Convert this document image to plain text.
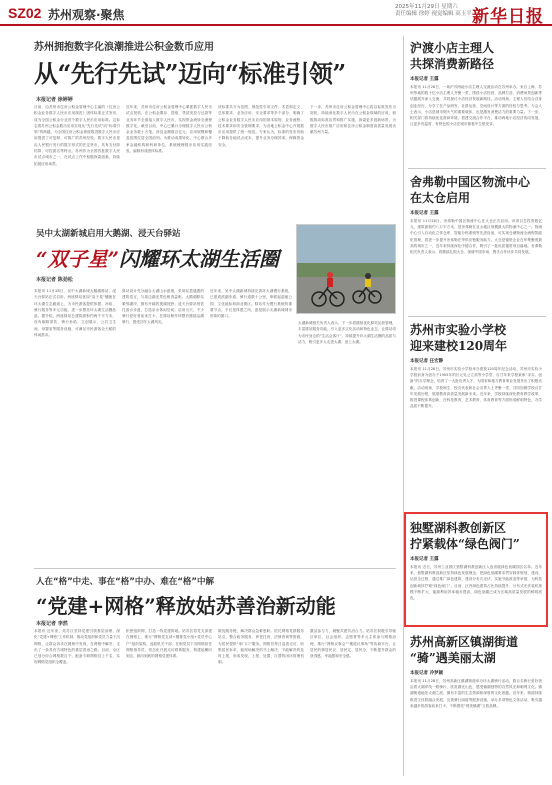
SZ02 苏州观察·聚焦
2025年11月29日 星期六
责任编辑 徐婷 视觉编辑 高玉平 新华日报
苏州拥抱数字化浪潮推进公积金数币应用
从“先行先试”迈向“标准引领”
本报记者 徐婷婷
日前，由苏州市住房公积金管理中心主编的《住房公积金业务数字人民币应用规范》团体标准正式发布，成为全国公积金行业首个数字人民币应用标准。这标志着苏州公积金数币应用实现从“先行先试”向“标准引领”的跨越，为全国住房公积金系统推进数字人民币应用提供了可复制、可推广的苏州经验。数字人民币是由人民银行发行的数字形式的法定货币，具有支付即结算、可控匿名等特点。苏州作为全国首批数字人民币试点城市之一，在试点工作中积极探索创新，持续拓展应用场景。
近年来，苏州市住房公积金管理中心紧抓数字人民币试点契机，在公积金缴存、提取、贷款发放与还款等业务环节全面接入数字人民币，实现资金流转全流程数字化。截至目前，中心已累计办理数字人民币公积金业务数十万笔，涉及金额数百亿元，应用规模和覆盖范围位居全国前列。为推动成果转化，中心联合多家金融机构和科研单位，系统梳理数币应用实践经验，编制形成团体标准。
该标准共分为范围、规范性引用文件、术语和定义、总体要求、业务应用、安全要求等多个部分，明确了公积金业务数字人民币应用的基本原则、业务流程、技术要求和安全管理要求，为各地公积金中心开展数币应用提供了统一规范。专家认为，标准的发布有助于降低各地试点成本，提升业务办理效率，保障资金安全。
下一步，苏州市住房公积金管理中心将以标准发布为契机，持续深化数字人民币在公积金领域的应用，积极推动标准宣贯和推广实施，探索更多创新场景，为数字人民币推广应用和住房公积金制度高质量发展贡献苏州力量。
吴中太湖新城启用大鹅湖、浸天台驿站
“双子星”闪耀环太湖生活圈
本报记者 陈劲松
本报讯 11月28日，吴中太湖新城大鹅湖驿站、浸天台驿站正式启用，两座驿站犹如“双子星”镶嵌在环太湖生态廊道上，为市民游客提供休憩、补给、骑行服务等多元功能，进一步擦亮环太湖生活圈品质。据介绍，两座驿站总建筑面积约两千平方米，设有咖啡茶饮、骑行补给、文创展示、公共卫生间、母婴室等服务设施，可满足市民游客全天候的休闲需求。
驿站设计充分融合太湖山水意境，采用轻盈通透的建筑语言，与周边湖光景色相得益彰。大鹅湖驿站紧邻湖岸，拥有开阔的观湖视野；浸天台驿站则依托滨水步道，打造亲水休闲空间。启用当天，不少骑行爱好者前来打卡，在驿站稍作休整后继续沿湖骑行，感受初冬太湖风光。
近年来，吴中太湖新城持续完善环太湖慢行系统，已建成滨湖步道、骑行道数十公里，串联起湿地公园、文化地标和商业街区。驿站作为慢行系统的重要节点，不仅是休憩之所，更是展示太湖新城城市形象的窗口。
太湖新城相关负责人表示，下一步将继续优化驿站运营管理，丰富驿站服务功能，引入更多文化活动和特色业态，让驿站成为市民身边的“生活会客厅”，持续提升环太湖生活圈的品质与活力，吸引更多人走进太湖、爱上太湖。
人在“格”中走、事在“格”中办、难在“格”中解
“党建+网格”释放姑苏善治新动能
本报记者 李然
本报讯 近年来，姑苏区坚持党建引领基层治理，深化“党建+网格”工作机制，推动党组织和党员力量下沉网格，让群众诉求在网格中发现、在网格中解决，走出了一条具有古城特色的基层善治之路。目前，全区已划分综合网格数百个，配备专职网格员上千名，实现网格党组织全覆盖。
织密组织网，打造一线党建阵地。姑苏区将党支部建在网格上，推行“网格党支部+楼栋党小组+党员中心户”组织架构，选派机关干部、在职党员下沉网格担任网格指导员，常态化开展走访联系服务，构建起横向到边、纵向到底的网格党建体系。
做优服务链，解决群众急难愁盼。依托网格党群服务站点，整合政务服务、养老托育、法律咨询等资源，为居民提供“家门口”服务。网格员每日巡查走访，收集居民诉求，能现场解决的马上解决，不能解决的及时上报，形成发现、上报、处置、反馈的闭环管理机制。
激活参与力，凝聚共建共治合力。姑苏区积极引导辖区单位、社会组织、志愿者等多元主体参与网格治理，推行“网格议事会”“楼道议事角”等协商平台，让居民的事居民议、居民定、居民办，不断提升群众的获得感、幸福感和安全感。
沪渡小店主理人
共探消费新路径
本报记者 王露
本报讯 11月28日，一场沪苏两地小店主理人交流活动在苏州举办。来自上海、苏州等地的数十位小店主理人齐聚一堂，围绕小店经营、品牌打造、消费场景创新等话题展开深入交流，共同探讨小店经济发展新路径。活动现场，主理人们结合自身创业经历，分享了在产品研发、社群运营、空间设计等方面的经验与思考。与会人士表示，小店是城市烟火气的重要载体，也是激发消费活力的重要力量。下一步，相关部门将持续优化营商环境，搭建交流合作平台，推动两地小店经济协同发展，让更多有温度、有特色的小店在城市街巷中生根发芽。
舍弗勒中国区物流中心
在太仓启用
本报记者 王露
本报讯 11月28日，舍弗勒中国区物流中心在太仓正式启用。该项目总投资数亿元，建筑面积约八万平方米，是舍弗勒在亚太地区规模最大的物流中心之一。物流中心引入自动化立体仓库、智能分拣系统等先进设备，可实现仓储物流全流程智能化管理，将进一步提升舍弗勒在华供应链服务能力。太仓是德资企业在华集聚度最高的城市之一，近年来持续深化中德合作，吸引了一批优质德资项目落地。舍弗勒相关负责人表示，将继续扎根太仓、深耕中国市场，携手合作伙伴共同发展。
苏州市实验小学校
迎来建校120周年
本报记者 任宏静
本报讯 11月28日，苏州市实验小学校举办建校120周年纪念活动。苏州市实验小学校前身为创办于1905年的长元吴公立高等小学堂，百廿年来学校秉承“求实、创新”的办学理念，培养了一大批优秀人才，为国家和地方教育事业发展作出了积极贡献。活动现场，学校师生、校友代表和社会各界人士齐聚一堂，共同回顾学校百廿年发展历程，展望教育高质量发展新未来。近年来，学校持续深化教育教学改革，推进课程体系创新，在科技教育、艺术教育、体育教育等方面形成鲜明特色，办学品质不断提升。
独墅湖科教创新区
拧紧载体“绿色阀门”
本报记者 王露
本报讯 近日，苏州工业园区独墅湖科教创新区入选省级绿色低碳园区名单。近年来，独墅湖科教创新区坚持绿色发展理念，把绿色低碳要求贯穿载体规划、建设、运营全过程，通过推广绿色建筑、建设分布式光伏、实施节能改造等举措，为科技创新载体拧紧“绿色阀门”。目前，区内绿色建筑占比持续提升，分布式光伏装机规模不断扩大，能源利用效率稳步提高，绿色低碳已成为区域高质量发展的鲜明底色。
苏州高新区镇湖街道
“骑”遇美丽太湖
本报记者 冷梦颖
本报讯 11月28日，苏州高新区镇湖街道举办环太湖骑行活动。数百名骑行爱好者沿着太湖岸线一路骑行，欣赏湖光山色，感受镇湖独特的自然风光和刺绣文化。镇湖街道地处太湖之滨，拥有丰富的生态资源和深厚的文化底蕴。近年来，街道持续推进文体旅融合发展，完善骑行绿道等配套设施，举办多项特色文体活动，吸引越来越多的游客前来打卡，不断擦亮“绣美镇湖”文旅品牌。
